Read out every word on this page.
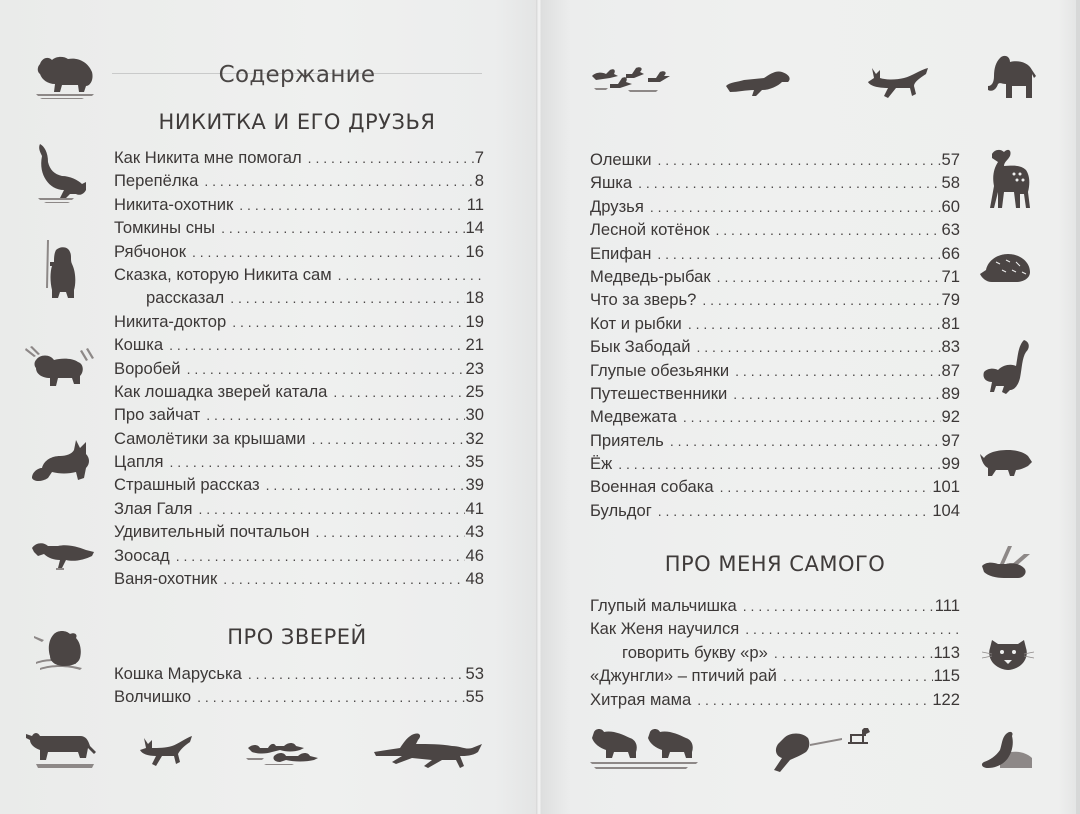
Содержание
НИКИТКА И ЕГО ДРУЗЬЯ
Как Никита мне помогал . . .	7
Перепёлка . . .	8
Никита-охотник . . .	11
Томкины сны . . .	14
Рябчонок . . .	16
Сказка, которую Никита сам
. . .
рассказал . . .	18
Никита-доктор . . .	19
Кошка . . .	21
Воробей . . .	23
Как лошадка зверей катала . . .	25
Про зайчат . . .	30
Самолётики за крышами . . .	32
Цапля . . .	35
Страшный рассказ . . .	39
Злая Галя . . .	41
Удивительный почтальон . . .	43
Зоосад . . .	46
Ваня-охотник . . .	48
ПРО ЗВЕРЕЙ
Кошка Маруська . . .	53
Волчишко . . .	55
Олешки . . .	57
Яшка . . .	58
Друзья . . .	60
Лесной котёнок . . .	63
Епифан . . .	66
Медведь-рыбак . . .	71
Что за зверь? . . .	79
Кот и рыбки . . .	81
Бык Забодай . . .	83
Глупые обезьянки . . .	87
Путешественники . . .	89
Медвежата . . .	92
Приятель . . .	97
Ёж . . .	99
Военная собака . . .	101
Бульдог . . .	104
ПРО МЕНЯ САМОГО
Глупый мальчишка . . .	111
Как Женя научился
. . .
говорить букву «р» . . .	113
«Джунгли» – птичий рай . . .	115
Хитрая мама . . .	122
